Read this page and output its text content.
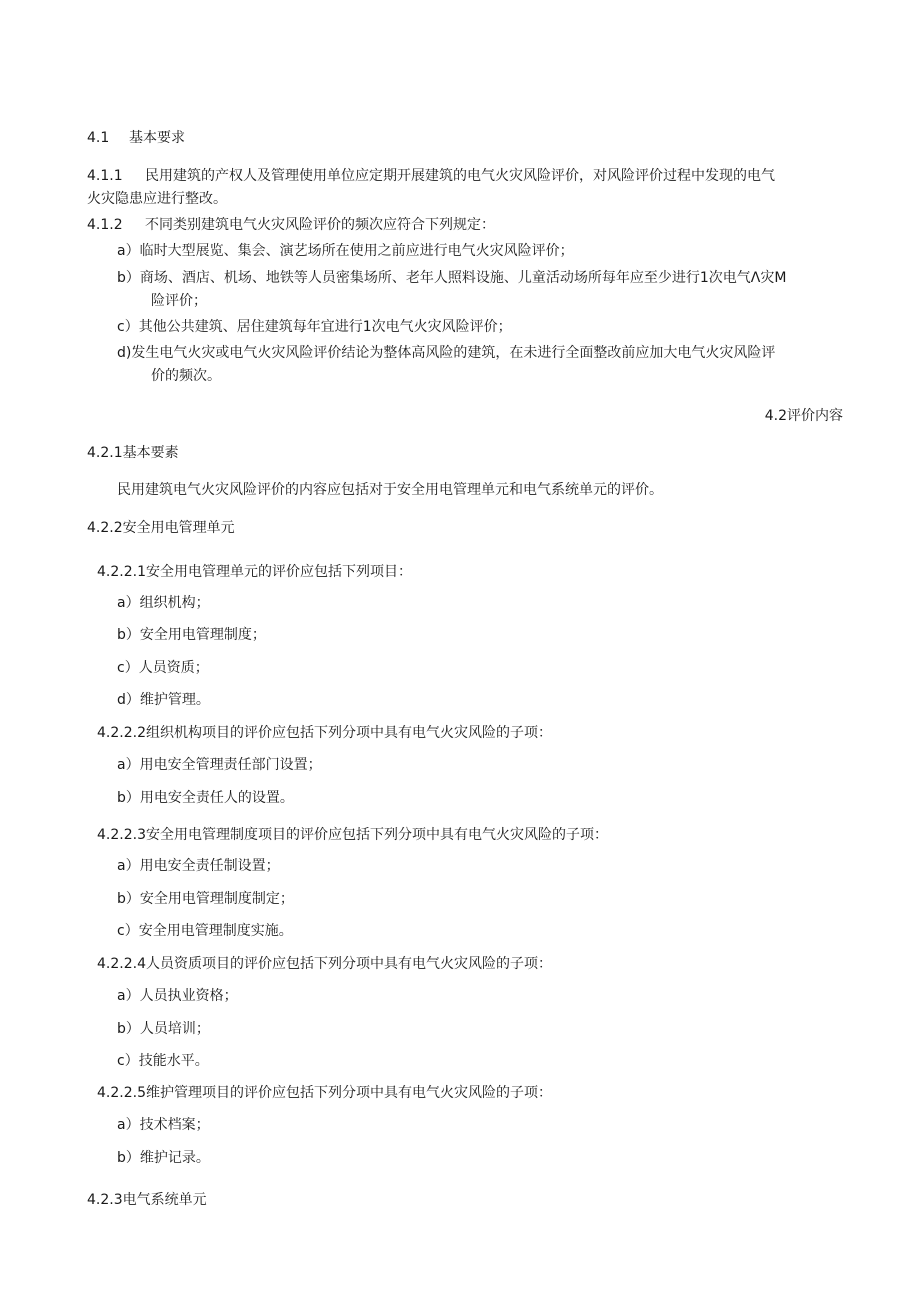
4.1 基本要求
4.1.1 民用建筑的产权人及管理使用单位应定期开展建筑的电气火灾风险评价，对风险评价过程中发现的电气
火灾隐患应进行整改。
4.1.2 不同类别建筑电气火灾风险评价的频次应符合下列规定：
a）临时大型展览、集会、演艺场所在使用之前应进行电气火灾风险评价；
b）商场、酒店、机场、地铁等人员密集场所、老年人照料设施、儿童活动场所每年应至少进行1次电气Λ灾M
险评价；
c）其他公共建筑、居住建筑每年宜进行1次电气火灾风险评价；
d)发生电气火灾或电气火灾风险评价结论为整体高风险的建筑，在未进行全面整改前应加大电气火灾风险评
价的频次。
4.2评价内容
4.2.1基本要素
民用建筑电气火灾风险评价的内容应包括对于安全用电管理单元和电气系统单元的评价。
4.2.2安全用电管理单元
4.2.2.1安全用电管理单元的评价应包括下列项目：
a）组织机构；
b）安全用电管理制度；
c）人员资质；
d）维护管理。
4.2.2.2组织机构项目的评价应包括下列分项中具有电气火灾风险的子项：
a）用电安全管理责任部门设置；
b）用电安全责任人的设置。
4.2.2.3安全用电管理制度项目的评价应包括下列分项中具有电气火灾风险的子项：
a）用电安全责任制设置；
b）安全用电管理制度制定；
c）安全用电管理制度实施。
4.2.2.4人员资质项目的评价应包括下列分项中具有电气火灾风险的子项：
a）人员执业资格；
b）人员培训；
c）技能水平。
4.2.2.5维护管理项目的评价应包括下列分项中具有电气火灾风险的子项：
a）技术档案；
b）维护记录。
4.2.3电气系统单元
